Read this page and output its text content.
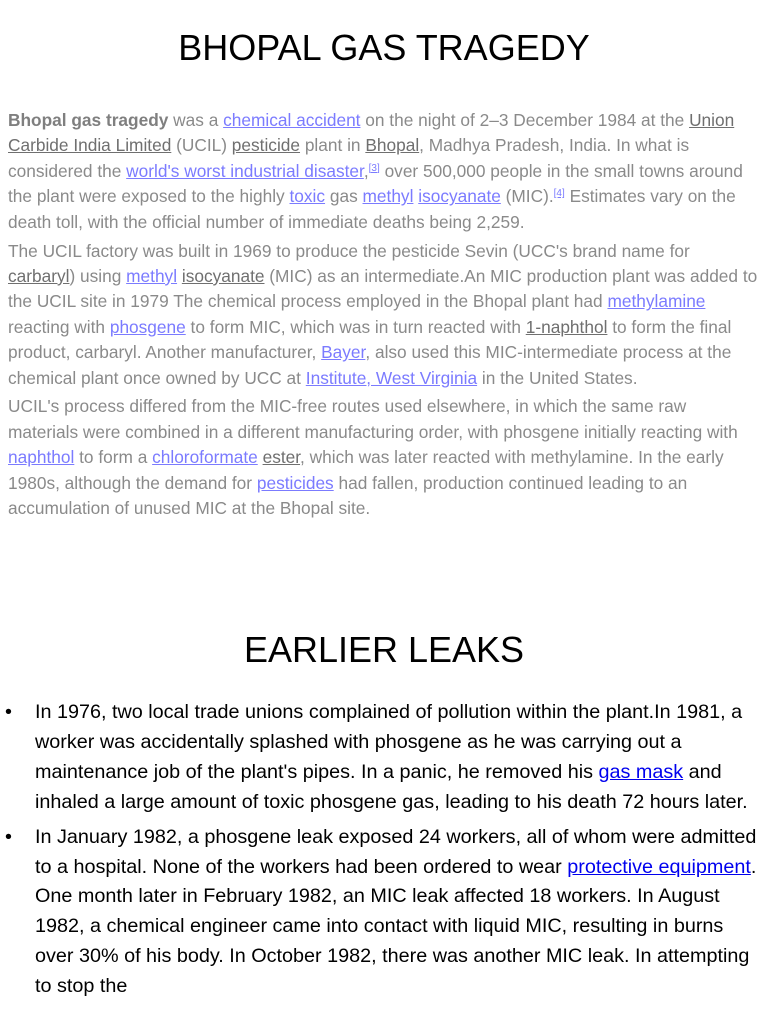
BHOPAL GAS TRAGEDY

Bhopal gas tragedy was a chemical accident on the night of 2–3 December 1984 at the Union Carbide India Limited (UCIL) pesticide plant in Bhopal, Madhya Pradesh, India. In what is considered the world's worst industrial disaster,[3] over 500,000 people in the small towns around the plant were exposed to the highly toxic gas methyl isocyanate (MIC).[4] Estimates vary on the death toll, with the official number of immediate deaths being 2,259.

The UCIL factory was built in 1969 to produce the pesticide Sevin (UCC's brand name for carbaryl) using methyl isocyanate (MIC) as an intermediate.An MIC production plant was added to the UCIL site in 1979 The chemical process employed in the Bhopal plant had methylamine reacting with phosgene to form MIC, which was in turn reacted with 1-naphthol to form the final product, carbaryl. Another manufacturer, Bayer, also used this MIC-intermediate process at the chemical plant once owned by UCC at Institute, West Virginia in the United States.

UCIL's process differed from the MIC-free routes used elsewhere, in which the same raw materials were combined in a different manufacturing order, with phosgene initially reacting with naphthol to form a chloroformate ester, which was later reacted with methylamine. In the early 1980s, although the demand for pesticides had fallen, production continued leading to an accumulation of unused MIC at the Bhopal site.

EARLIER LEAKS
• In 1976, two local trade unions complained of pollution within the plant.In 1981, a worker was accidentally splashed with phosgene as he was carrying out a maintenance job of the plant's pipes. In a panic, he removed his gas mask and inhaled a large amount of toxic phosgene gas, leading to his death 72 hours later.
• In January 1982, a phosgene leak exposed 24 workers, all of whom were admitted to a hospital. None of the workers had been ordered to wear protective equipment. One month later in February 1982, an MIC leak affected 18 workers. In August 1982, a chemical engineer came into contact with liquid MIC, resulting in burns over 30% of his body. In October 1982, there was another MIC leak. In attempting to stop the
